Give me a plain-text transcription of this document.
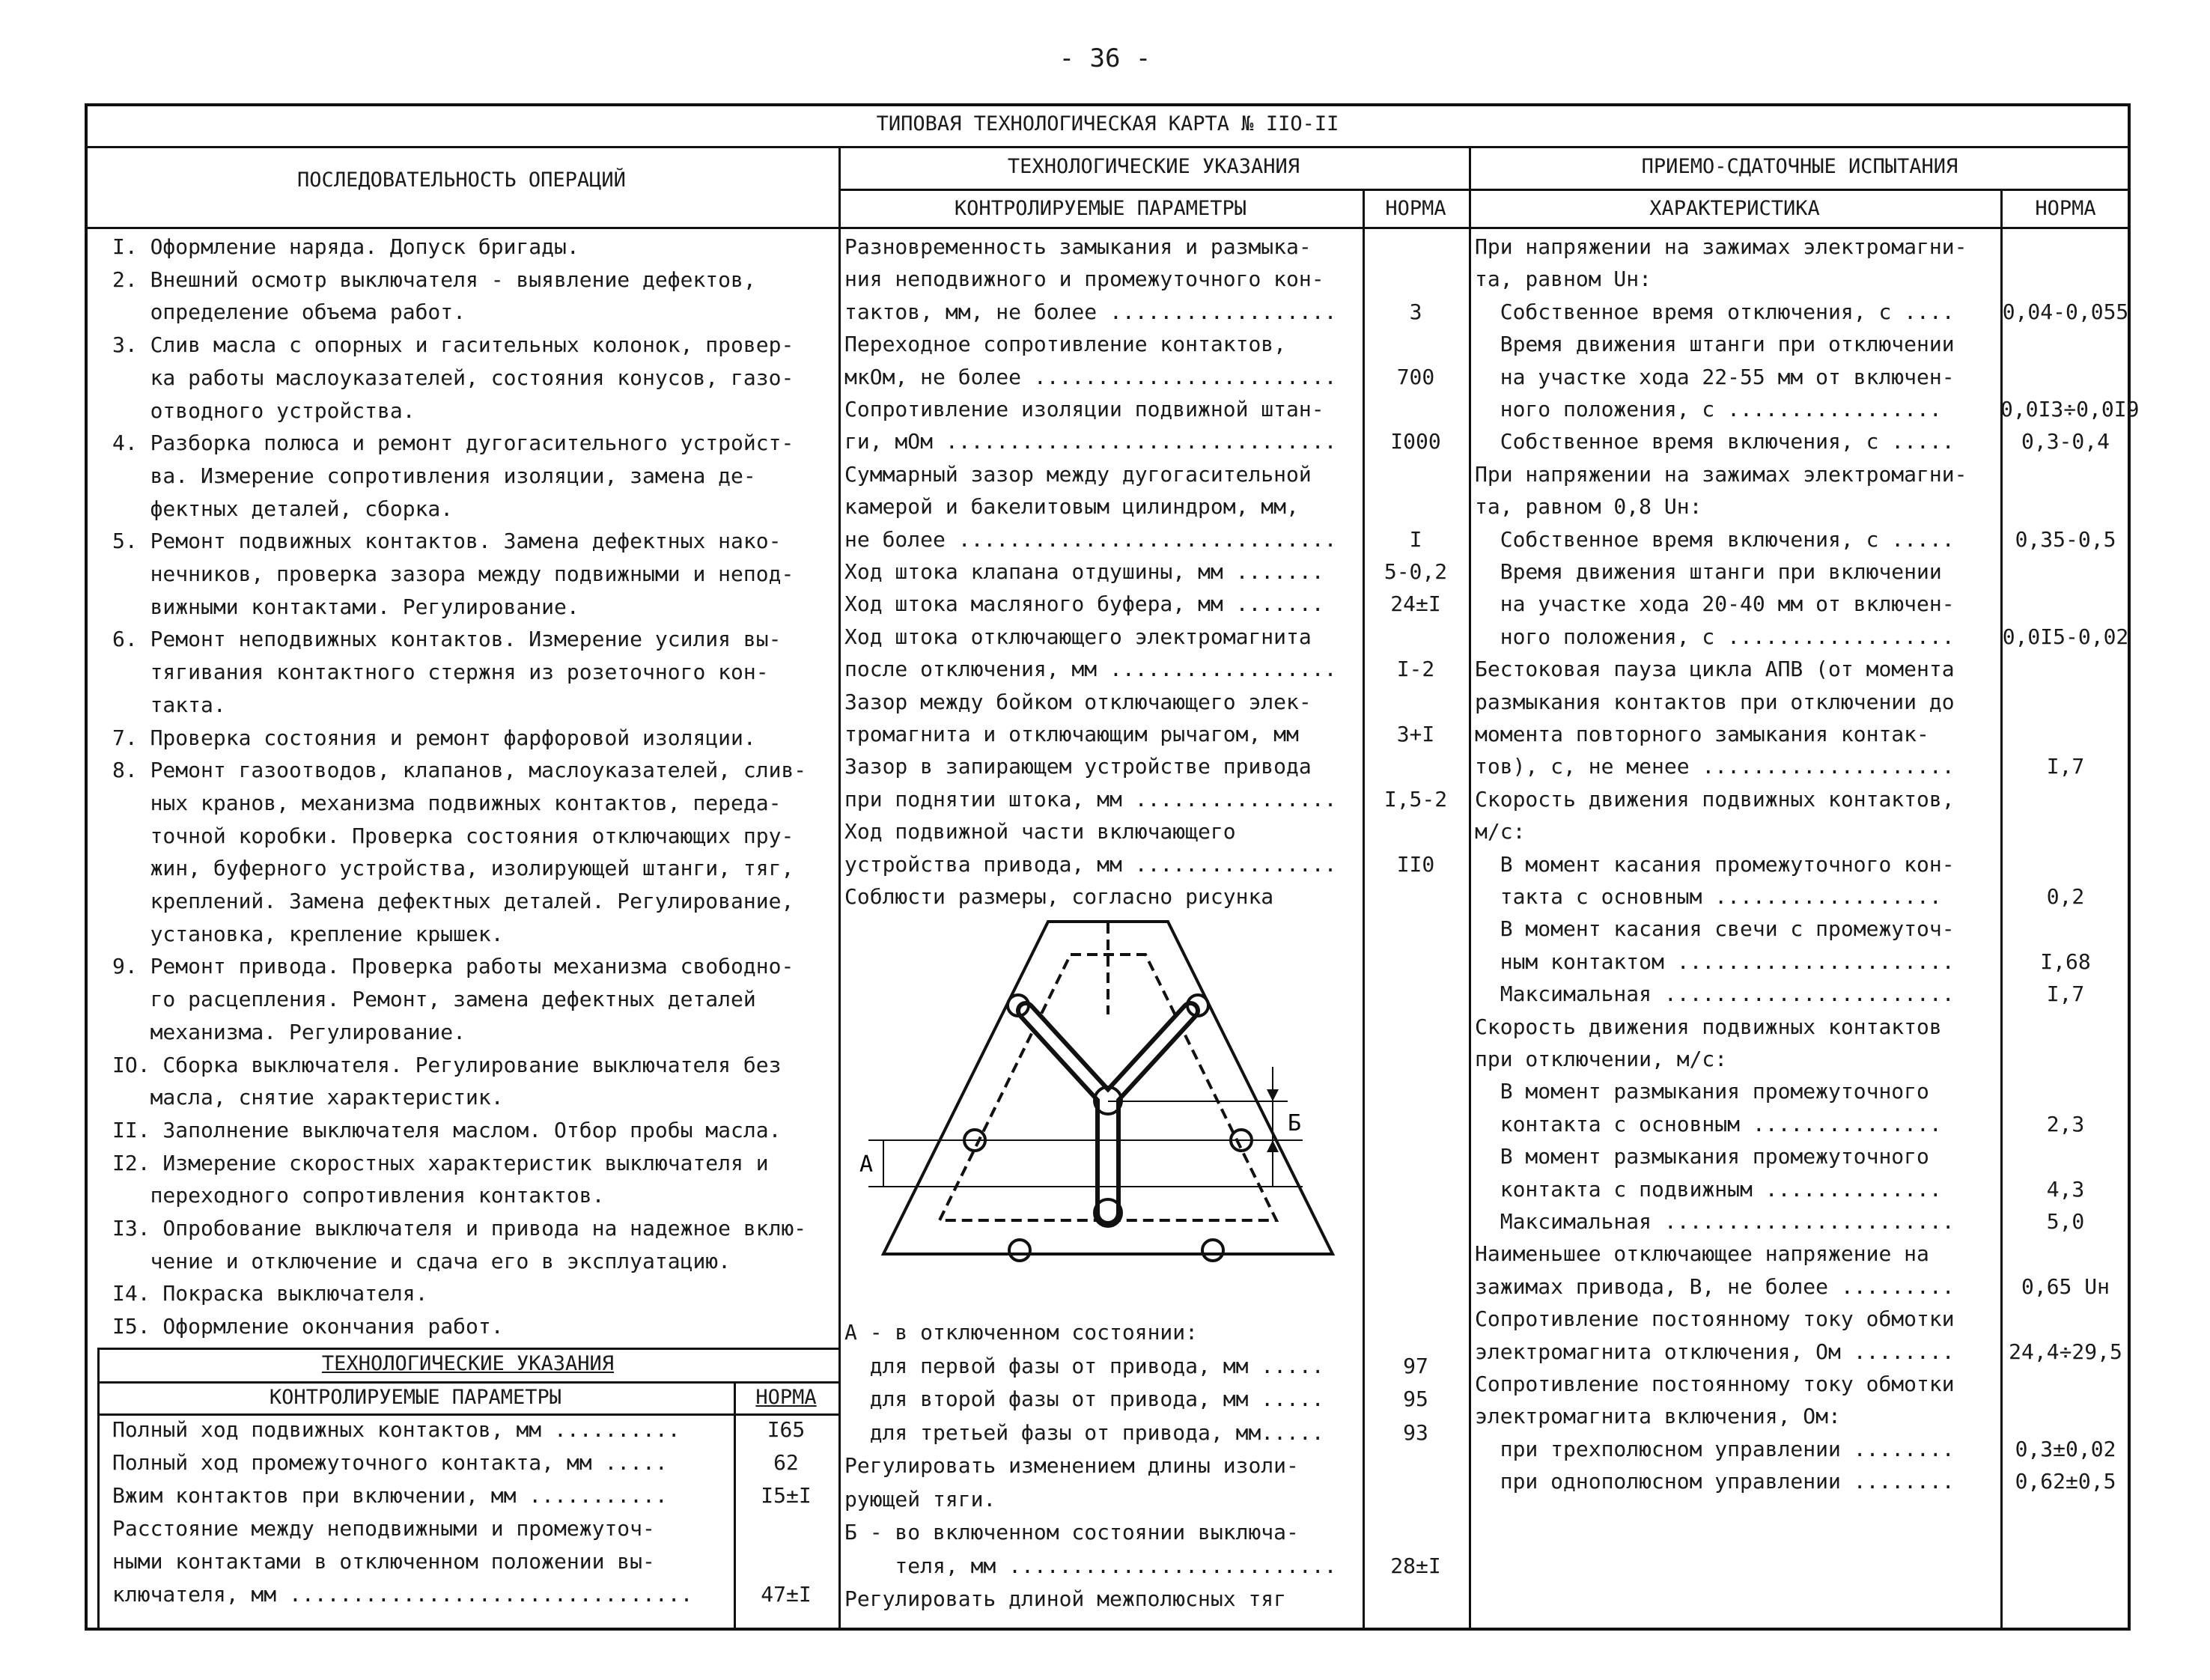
- 36 -
ТИПОВАЯ ТЕХНОЛОГИЧЕСКАЯ КАРТА № IIO-II
ПОСЛЕДОВАТЕЛЬНОСТЬ ОПЕРАЦИЙ
ТЕХНОЛОГИЧЕСКИЕ УКАЗАНИЯ	ПРИЕМО-СДАТОЧНЫЕ ИСПЫТАНИЯ
КОНТРОЛИРУЕМЫЕ ПАРАМЕТРЫ	НОРМА	ХАРАКТЕРИСТИКА	НОРМА
I. Оформление наряда. Допуск бригады.
2. Внешний осмотр выключателя - выявление дефектов,
определение объема работ.
3. Слив масла с опорных и гасительных колонок, провер-
ка работы маслоуказателей, состояния конусов, газо-
отводного устройства.
4. Разборка полюса и ремонт дугогасительного устройст-
ва. Измерение сопротивления изоляции, замена де-
фектных деталей, сборка.
5. Ремонт подвижных контактов. Замена дефектных нако-
нечников, проверка зазора между подвижными и непод-
вижными контактами. Регулирование.
6. Ремонт неподвижных контактов. Измерение усилия вы-
тягивания контактного стержня из розеточного кон-
такта.
7. Проверка состояния и ремонт фарфоровой изоляции.
8. Ремонт газоотводов, клапанов, маслоуказателей, слив-
ных кранов, механизма подвижных контактов, переда-
точной коробки. Проверка состояния отключающих пру-
жин, буферного устройства, изолирующей штанги, тяг,
креплений. Замена дефектных деталей. Регулирование,
установка, крепление крышек.
9. Ремонт привода. Проверка работы механизма свободно-
го расцепления. Ремонт, замена дефектных деталей
механизма. Регулирование.
IO. Сборка выключателя. Регулирование выключателя без
масла, снятие характеристик.
II. Заполнение выключателя маслом. Отбор пробы масла.
I2. Измерение скоростных характеристик выключателя и
переходного сопротивления контактов.
I3. Опробование выключателя и привода на надежное вклю-
чение и отключение и сдача его в эксплуатацию.
I4. Покраска выключателя.
I5. Оформление окончания работ.
ТЕХНОЛОГИЧЕСКИЕ УКАЗАНИЯ
КОНТРОЛИРУЕМЫЕ ПАРАМЕТРЫ	НОРМА
Полный ход подвижных контактов, мм ..........	I65
Полный ход промежуточного контакта, мм .....	62
Вжим контактов при включении, мм ...........	I5±I
Расстояние между неподвижными и промежуточ-
ными контактами в отключенном положении вы-
ключателя, мм ................................	47±I
Разновременность замыкания и размыка-
ния неподвижного и промежуточного кон-
тактов, мм, не более ..................	3
Переходное сопротивление контактов,
мкОм, не более ........................	700
Сопротивление изоляции подвижной штан-
ги, мОм ...............................	I000
Суммарный зазор между дугогасительной
камерой и бакелитовым цилиндром, мм,
не более ..............................	I
Ход штока клапана отдушины, мм .......	5-0,2
Ход штока масляного буфера, мм .......	24±I
Ход штока отключающего электромагнита
после отключения, мм ..................	I-2
Зазор между бойком отключающего элек-
тромагнита и отключающим рычагом, мм	3+I
Зазор в запирающем устройстве привода
при поднятии штока, мм ................	I,5-2
Ход подвижной части включающего
устройства привода, мм ................	II0
Соблюсти размеры, согласно рисунка
А
Б
А - в отключенном состоянии:
для первой фазы от привода, мм .....	97
для второй фазы от привода, мм .....	95
для третьей фазы от привода, мм.....	93
Регулировать изменением длины изоли-
рующей тяги.
Б - во включенном состоянии выключа-
теля, мм ..........................	28±I
Регулировать длиной межполюсных тяг
При напряжении на зажимах электромагни-
та, равном Uн:
Собственное время отключения, с .... 0,04-0,055
Время движения штанги при отключении
на участке хода 22-55 мм от включен-
ного положения, с .................	0,0I3÷0,0I9
Собственное время включения, с .....	0,3-0,4
При напряжении на зажимах электромагни-
та, равном 0,8 Uн:
Собственное время включения, с .....	0,35-0,5
Время движения штанги при включении
на участке хода 20-40 мм от включен-
ного положения, с .................. 0,0I5-0,02
Бестоковая пауза цикла АПВ (от момента
размыкания контактов при отключении до
момента повторного замыкания контак-
тов), с, не менее ....................	I,7
Скорость движения подвижных контактов,
м/с:
В момент касания промежуточного кон-
такта с основным ..................	0,2
В момент касания свечи с промежуточ-
ным контактом ......................	I,68
Максимальная .......................	I,7
Скорость движения подвижных контактов
при отключении, м/с:
В момент размыкания промежуточного
контакта с основным ...............	2,3
В момент размыкания промежуточного
контакта с подвижным ..............	4,3
Максимальная .......................	5,0
Наименьшее отключающее напряжение на
зажимах привода, В, не более .........	0,65 Uн
Сопротивление постоянному току обмотки
электромагнита отключения, Ом ........	24,4÷29,5
Сопротивление постоянному току обмотки
электромагнита включения, Ом:
при трехполюсном управлении ........	0,3±0,02
при однополюсном управлении ........	0,62±0,5
